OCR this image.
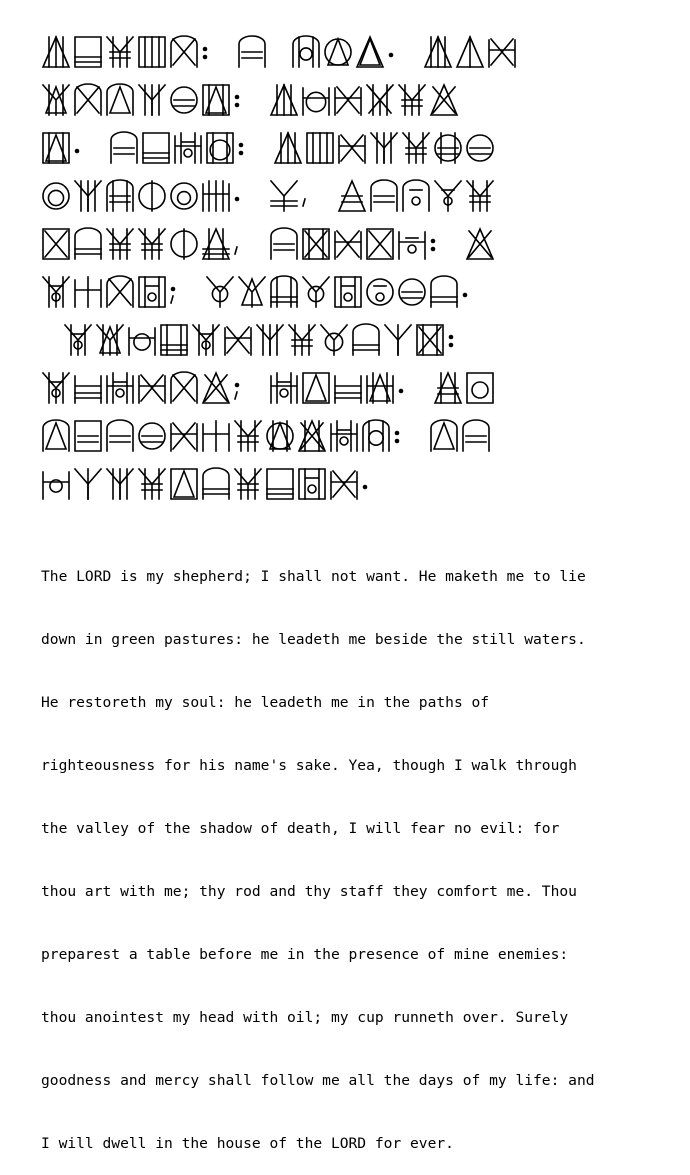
The LORD is my shepherd; I shall not want. He maketh me to lie

down in green pastures: he leadeth me beside the still waters.

He restoreth my soul: he leadeth me in the paths of

righteousness for his name's sake. Yea, though I walk through

the valley of the shadow of death, I will fear no evil: for

thou art with me; thy rod and thy staff they comfort me. Thou

preparest a table before me in the presence of mine enemies:

thou anointest my head with oil; my cup runneth over. Surely

goodness and mercy shall follow me all the days of my life: and

I will dwell in the house of the LORD for ever.
